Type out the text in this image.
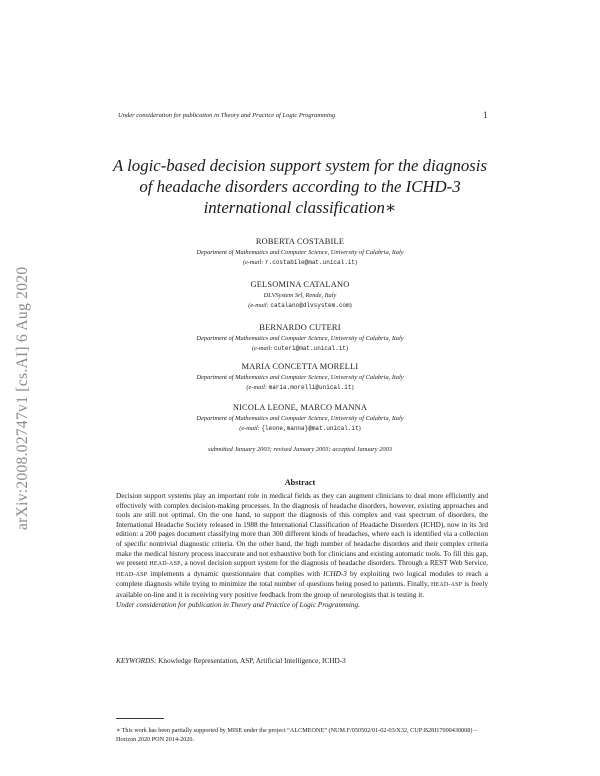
Under consideration for publication in Theory and Practice of Logic Programming	1
arXiv:2008.02747v1 [cs.AI] 6 Aug 2020
A logic-based decision support system for the diagnosis
of headache disorders according to the ICHD-3
international classification∗
ROBERTA COSTABILE
Department of Mathematics and Computer Science, University of Calabria, Italy
(e-mail: r.costabile@mat.unical.it)
GELSOMINA CATALANO
DLVSystem Srl, Rende, Italy
(e-mail: catalano@dlvsystem.com)
BERNARDO CUTERI
Department of Mathematics and Computer Science, University of Calabria, Italy
(e-mail: cuteri@mat.unical.it)
MARIA CONCETTA MORELLI
Department of Mathematics and Computer Science, University of Calabria, Italy
(e-mail: maria.morelli@unical.it)
NICOLA LEONE, MARCO MANNA
Department of Mathematics and Computer Science, University of Calabria, Italy
(e-mail: {leone,manna}@mat.unical.it)
submitted January 2003; revised January 2003; accepted January 2003
Abstract
Decision support systems play an important role in medical fields as they can augment clinicians to deal more efficiently and effectively with complex decision-making processes. In the diagnosis of headache disorders, however, existing approaches and tools are still not optimal. On the one hand, to support the diagnosis of this complex and vast spectrum of disorders, the International Headache Society released in 1988 the International Classification of Headache Disorders (ICHD), now in its 3rd edition: a 200 pages document classifying more than 300 different kinds of headaches, where each is identified via a collection of specific nontrivial diagnostic criteria. On the other hand, the high number of headache disorders and their complex criteria make the medical history process inaccurate and not exhaustive both for clinicians and existing automatic tools. To fill this gap, we present HEAD-ASP, a novel decision support system for the diagnosis of headache disorders. Through a REST Web Service, HEAD-ASP implements a dynamic questionnaire that complies with ICHD-3 by exploiting two logical modules to reach a complete diagnosis while trying to minimize the total number of questions being posed to patients. Finally, HEAD-ASP is freely available on-line and it is receiving very positive feedback from the group of neurologists that is testing it.
Under consideration for publication in Theory and Practice of Logic Programming.
KEYWORDS: Knowledge Representation, ASP, Artificial Intelligence, ICHD-3
∗ This work has been partially supported by MISE under the project “ALCMEONE” (NUM.F/050502/01-02-03/X32, CUP:B28I17000430008) – Horizon 2020 PON 2014-2020.
